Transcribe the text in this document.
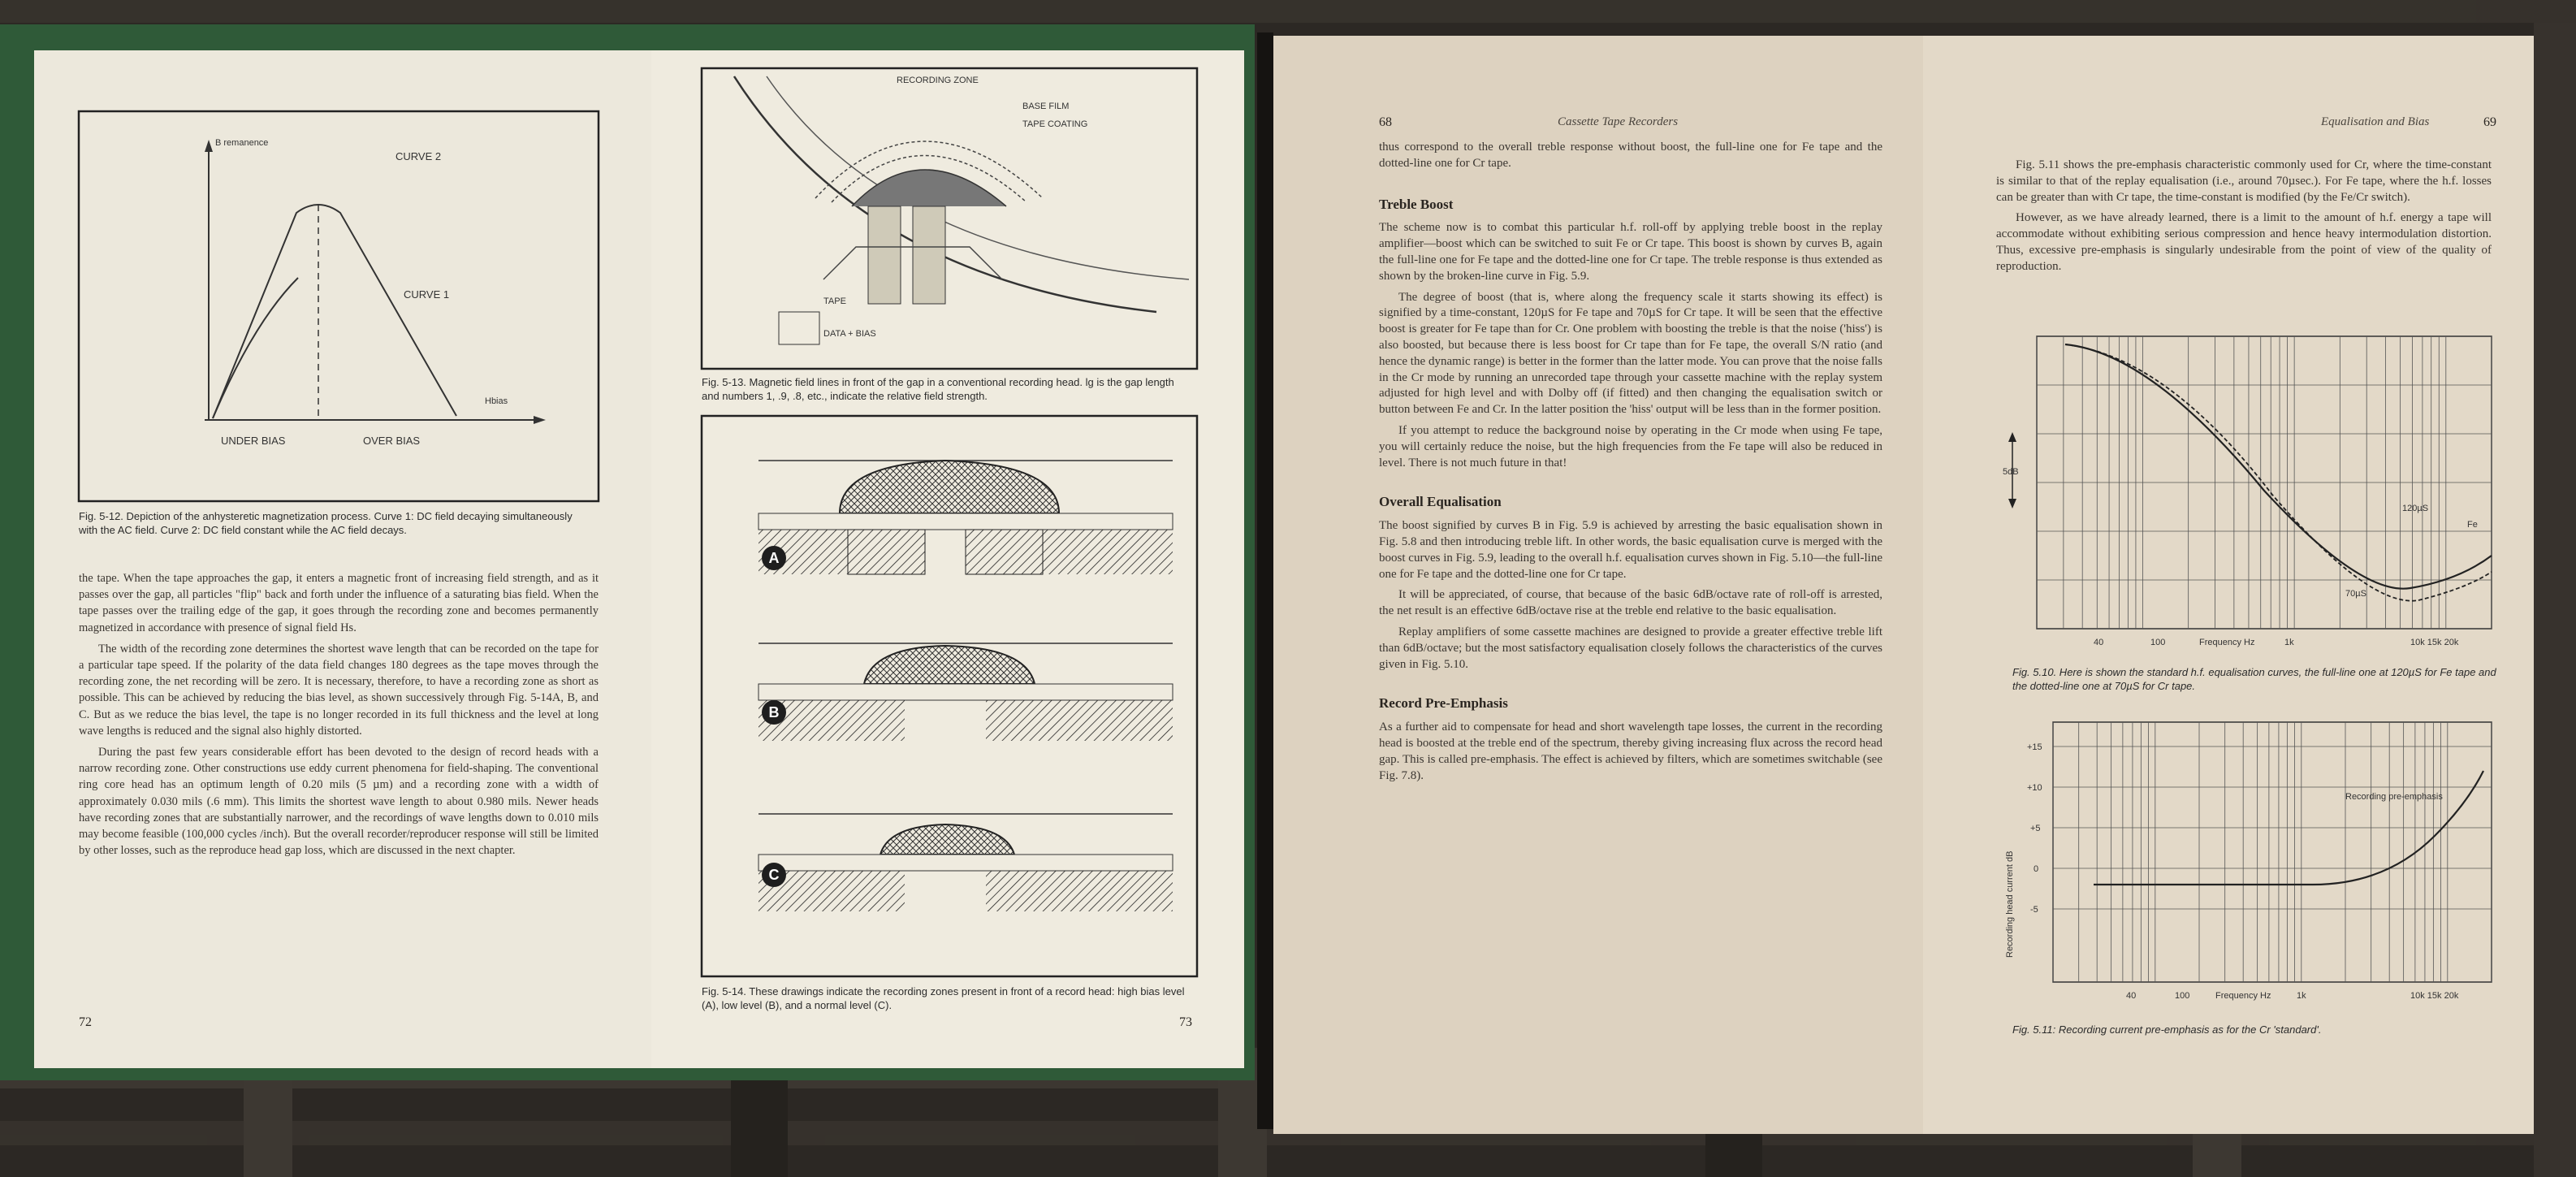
B remanence
CURVE 2
CURVE 1
Hbias
UNDER BIAS	OVER BIAS
Fig. 5-12. Depiction of the anhysteretic magnetization process. Curve 1: DC field decaying simultaneously with the AC field. Curve 2: DC field constant while the AC field decays.

the tape. When the tape approaches the gap, it enters a magnetic front of increasing field strength, and as it passes over the gap, all particles "flip" back and forth under the influence of a saturating bias field. When the tape passes over the trailing edge of the gap, it goes through the recording zone and becomes permanently magnetized in accordance with presence of signal field Hs.

The width of the recording zone determines the shortest wave length that can be recorded on the tape for a particular tape speed. If the polarity of the data field changes 180 degrees as the tape moves through the recording zone, the net recording will be zero. It is necessary, therefore, to have a recording zone as short as possible. This can be achieved by reducing the bias level, as shown successively through Fig. 5-14A, B, and C. But as we reduce the bias level, the tape is no longer recorded in its full thickness and the level at long wave lengths is reduced and the signal also highly distorted.

During the past few years considerable effort has been devoted to the design of record heads with a narrow recording zone. Other constructions use eddy current phenomena for field-shaping. The conventional ring core head has an optimum length of 0.20 mils (5 µm) and a recording zone with a width of approximately 0.030 mils (.6 mm). This limits the shortest wave length to about 0.980 mils. Newer heads have recording zones that are substantially narrower, and the recordings of wave lengths down to 0.010 mils may become feasible (100,000 cycles /inch). But the overall recorder/reproducer response will still be limited by other losses, such as the reproduce head gap loss, which are discussed in the next chapter.

72
RECORDING ZONE
BASE FILM
TAPE COATING
TAPE
DATA + BIAS
Fig. 5-13. Magnetic field lines in front of the gap in a conventional recording head. lg is the gap length and numbers 1, .9, .8, etc., indicate the relative field strength.
A
B
C
Fig. 5-14. These drawings indicate the recording zones present in front of a record head: high bias level (A), low level (B), and a normal level (C).
73
68	Cassette Tape Recorders

thus correspond to the overall treble response without boost, the full-line one for Fe tape and the dotted-line one for Cr tape.

Treble Boost

The scheme now is to combat this particular h.f. roll-off by applying treble boost in the replay amplifier—boost which can be switched to suit Fe or Cr tape. This boost is shown by curves B, again the full-line one for Fe tape and the dotted-line one for Cr tape. The treble response is thus extended as shown by the broken-line curve in Fig. 5.9.

The degree of boost (that is, where along the frequency scale it starts showing its effect) is signified by a time-constant, 120µS for Fe tape and 70µS for Cr tape. It will be seen that the effective boost is greater for Fe tape than for Cr. One problem with boosting the treble is that the noise ('hiss') is also boosted, but because there is less boost for Cr tape than for Fe tape, the overall S/N ratio (and hence the dynamic range) is better in the former than the latter mode. You can prove that the noise falls in the Cr mode by running an unrecorded tape through your cassette machine with the replay system adjusted for high level and with Dolby off (if fitted) and then changing the equalisation switch or button between Fe and Cr. In the latter position the 'hiss' output will be less than in the former position.

If you attempt to reduce the background noise by operating in the Cr mode when using Fe tape, you will certainly reduce the noise, but the high frequencies from the Fe tape will also be reduced in level. There is not much future in that!

Overall Equalisation

The boost signified by curves B in Fig. 5.9 is achieved by arresting the basic equalisation shown in Fig. 5.8 and then introducing treble lift. In other words, the basic equalisation curve is merged with the boost curves in Fig. 5.9, leading to the overall h.f. equalisation curves shown in Fig. 5.10—the full-line one for Fe tape and the dotted-line one for Cr tape.

It will be appreciated, of course, that because of the basic 6dB/octave rate of roll-off is arrested, the net result is an effective 6dB/octave rise at the treble end relative to the basic equalisation.

Replay amplifiers of some cassette machines are designed to provide a greater effective treble lift than 6dB/octave; but the most satisfactory equalisation closely follows the characteristics of the curves given in Fig. 5.10.

Record Pre-Emphasis

As a further aid to compensate for head and short wavelength tape losses, the current in the recording head is boosted at the treble end of the spectrum, thereby giving increasing flux across the record head gap. This is called pre-emphasis. The effect is achieved by filters, which are sometimes switchable (see Fig. 7.8).

Equalisation and Bias	69

Fig. 5.11 shows the pre-emphasis characteristic commonly used for Cr, where the time-constant is similar to that of the replay equalisation (i.e., around 70µsec.). For Fe tape, where the h.f. losses can be greater than with Cr tape, the time-constant is modified (by the Fe/Cr switch).

However, as we have already learned, there is a limit to the amount of h.f. energy a tape will accommodate without exhibiting serious compression and hence heavy intermodulation distortion. Thus, excessive pre-emphasis is singularly undesirable from the point of view of the quality of reproduction.

5dB
120µS
Fe
70µS
40	100	Frequency Hz	1k	10k 15k 20k
Fig. 5.10. Here is shown the standard h.f. equalisation curves, the full-line one at 120µS for Fe tape and the dotted-line one at 70µS for Cr tape.
+15
+10
+5
0
-5
Recording head current dB
Recording pre-emphasis
40	100	Frequency Hz	1k	10k 15k 20k
Fig. 5.11: Recording current pre-emphasis as for the Cr 'standard'.
